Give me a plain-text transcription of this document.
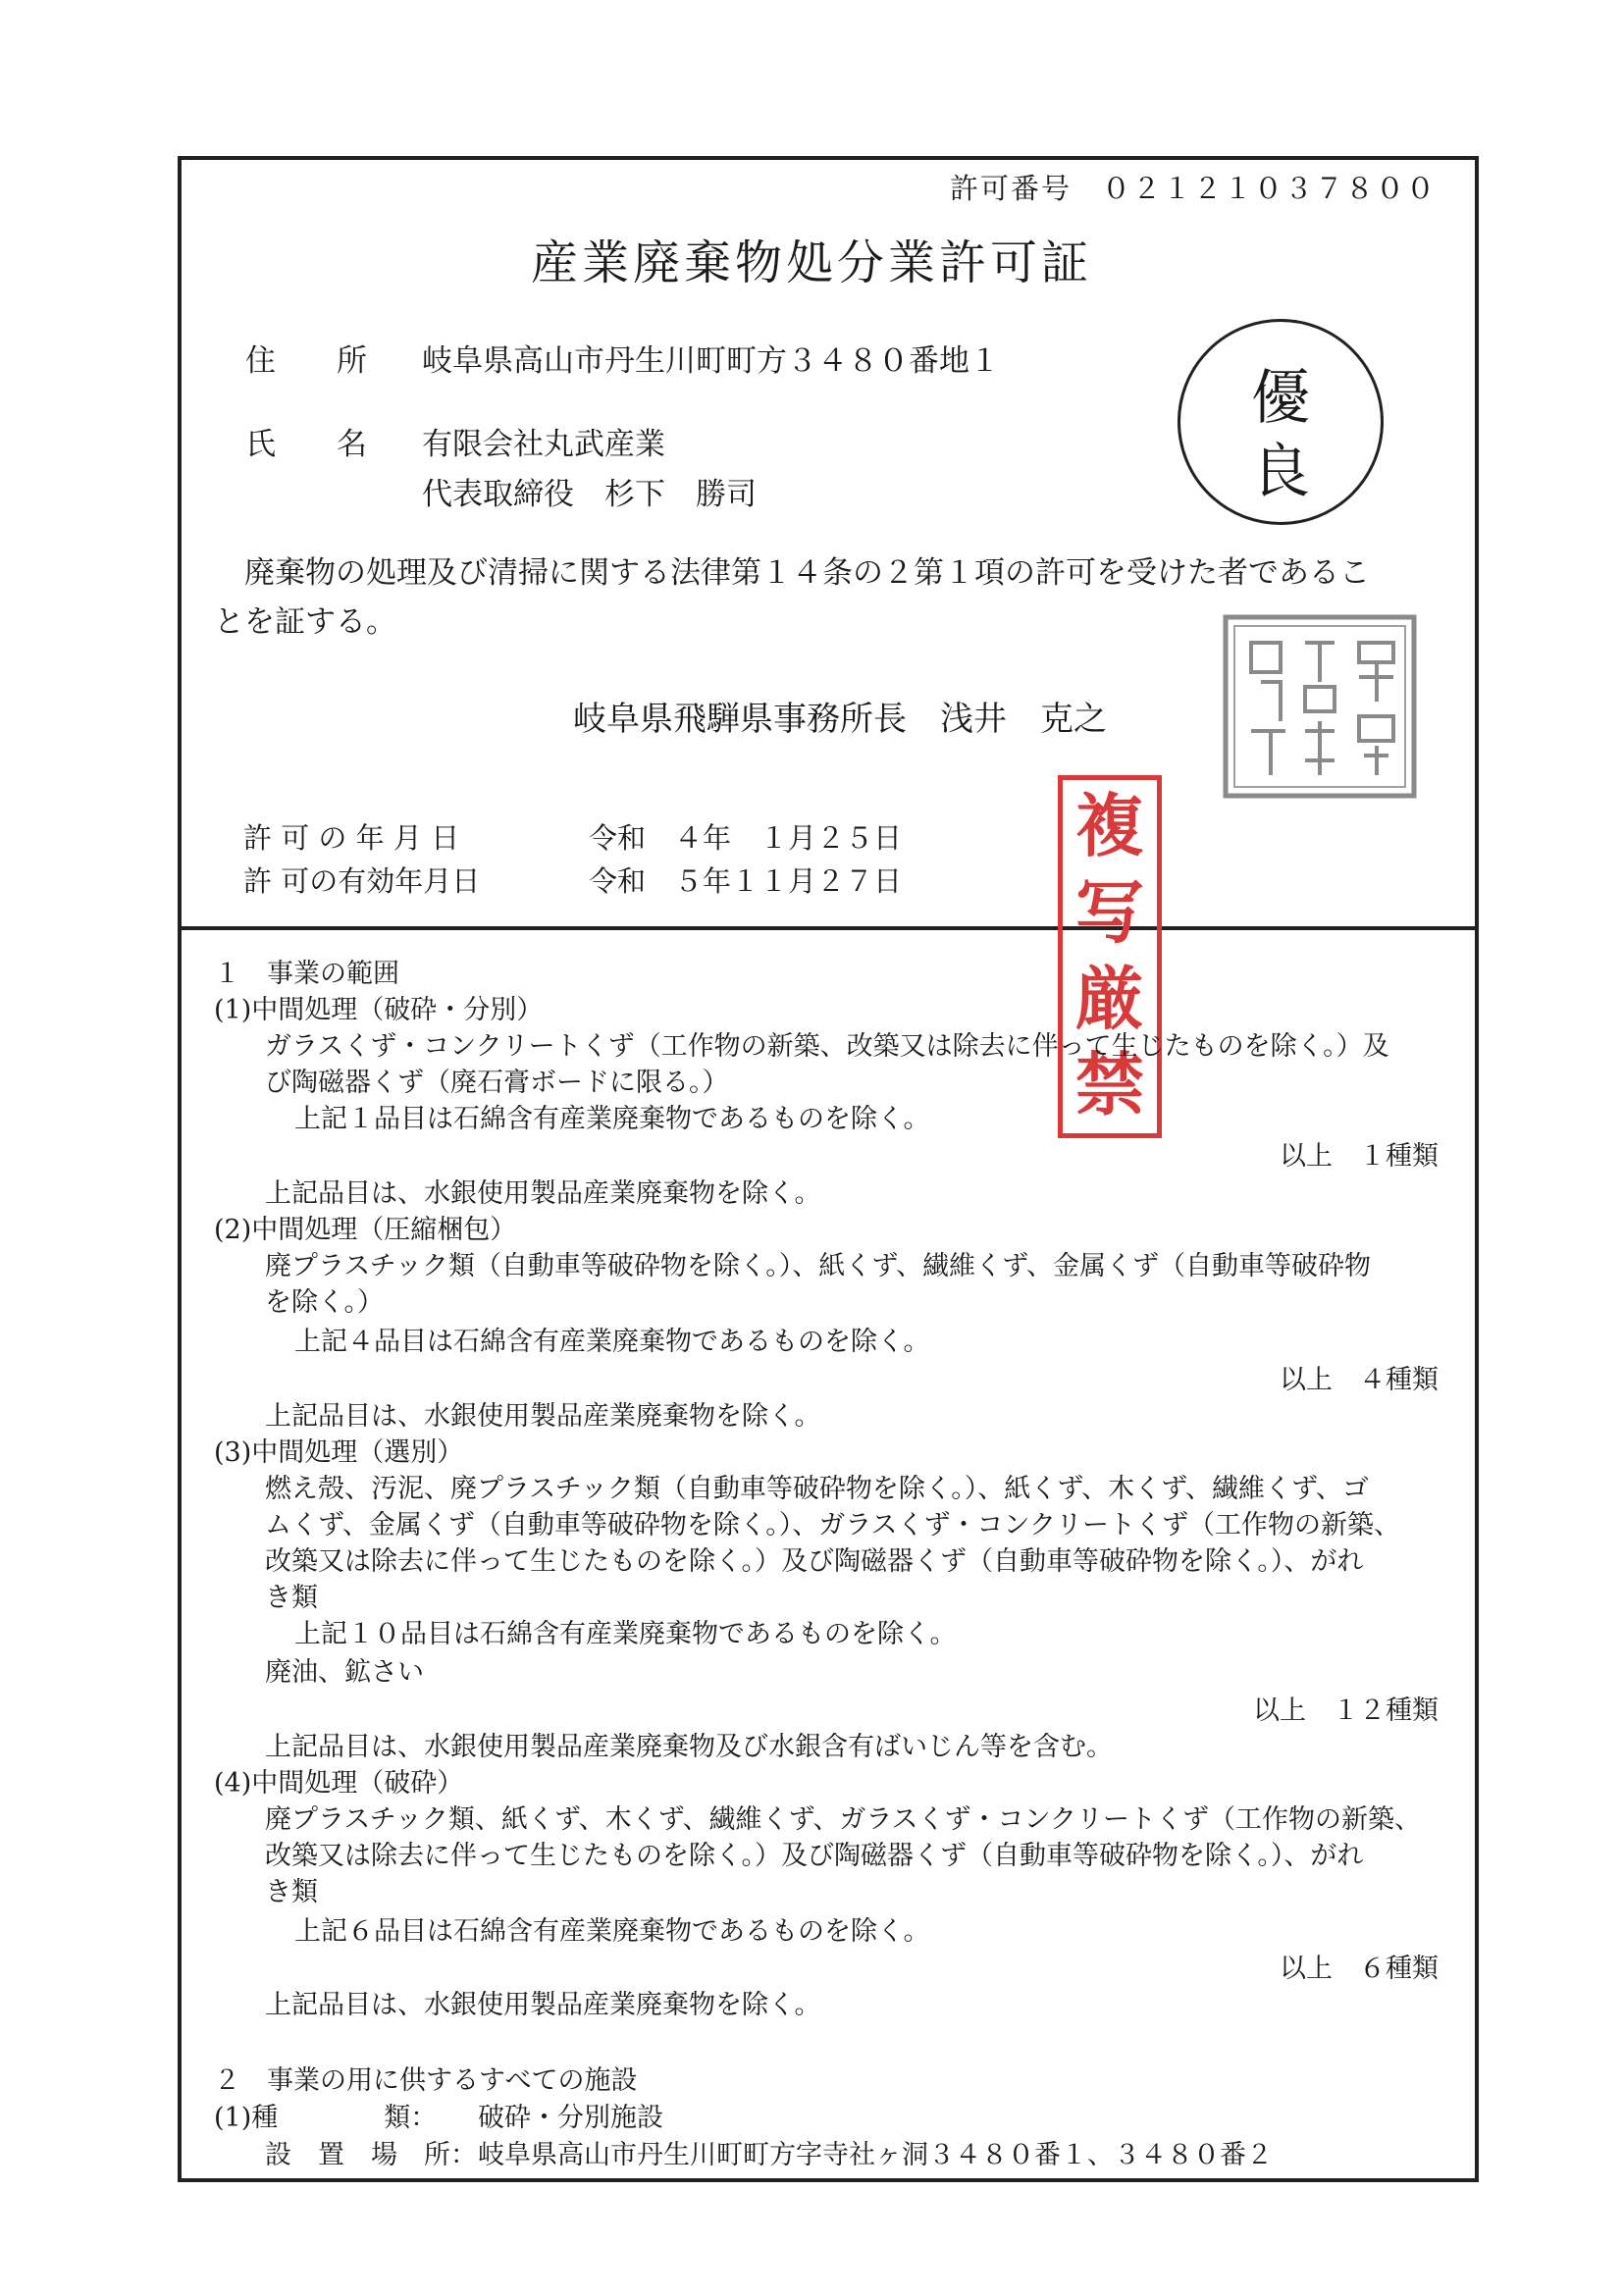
許可番号　０２１２１０３７８００
産業廃棄物処分業許可証
住　　所 岐阜県高山市丹生川町町方３４８０番地１
氏　　名 有限会社丸武産業
代表取締役　杉下　勝司
優
良
　廃棄物の処理及び清掃に関する法律第１４条の２第１項の許可を受けた者であるこ
とを証する。
岐阜県飛騨県事務所長　浅井　克之
複
写
厳
禁
許 可 の 年 月 日	令和　４年　１月２５日
許 可の有効年月日	令和　５年１１月２７日
１　事業の範囲
(1)中間処理（破砕・分別）
ガラスくず・コンクリートくず（工作物の新築、改築又は除去に伴って生じたものを除く。）及
び陶磁器くず（廃石膏ボードに限る。）
上記１品目は石綿含有産業廃棄物であるものを除く。
以上　１種類
上記品目は、水銀使用製品産業廃棄物を除く。
(2)中間処理（圧縮梱包）
廃プラスチック類（自動車等破砕物を除く。）、紙くず、繊維くず、金属くず（自動車等破砕物
を除く。）
上記４品目は石綿含有産業廃棄物であるものを除く。
以上　４種類
上記品目は、水銀使用製品産業廃棄物を除く。
(3)中間処理（選別）
燃え殻、汚泥、廃プラスチック類（自動車等破砕物を除く。）、紙くず、木くず、繊維くず、ゴ
ムくず、金属くず（自動車等破砕物を除く。）、ガラスくず・コンクリートくず（工作物の新築、
改築又は除去に伴って生じたものを除く。）及び陶磁器くず（自動車等破砕物を除く。）、がれ
き類
上記１０品目は石綿含有産業廃棄物であるものを除く。
廃油、鉱さい
以上　１２種類
上記品目は、水銀使用製品産業廃棄物及び水銀含有ばいじん等を含む。
(4)中間処理（破砕）
廃プラスチック類、紙くず、木くず、繊維くず、ガラスくず・コンクリートくず（工作物の新築、
改築又は除去に伴って生じたものを除く。）及び陶磁器くず（自動車等破砕物を除く。）、がれ
き類
上記６品目は石綿含有産業廃棄物であるものを除く。
以上　６種類
上記品目は、水銀使用製品産業廃棄物を除く。
２　事業の用に供するすべての施設
(1)種　　　　類： 破砕・分別施設
設　置　場　所： 岐阜県高山市丹生川町町方字寺社ヶ洞３４８０番１、３４８０番２
